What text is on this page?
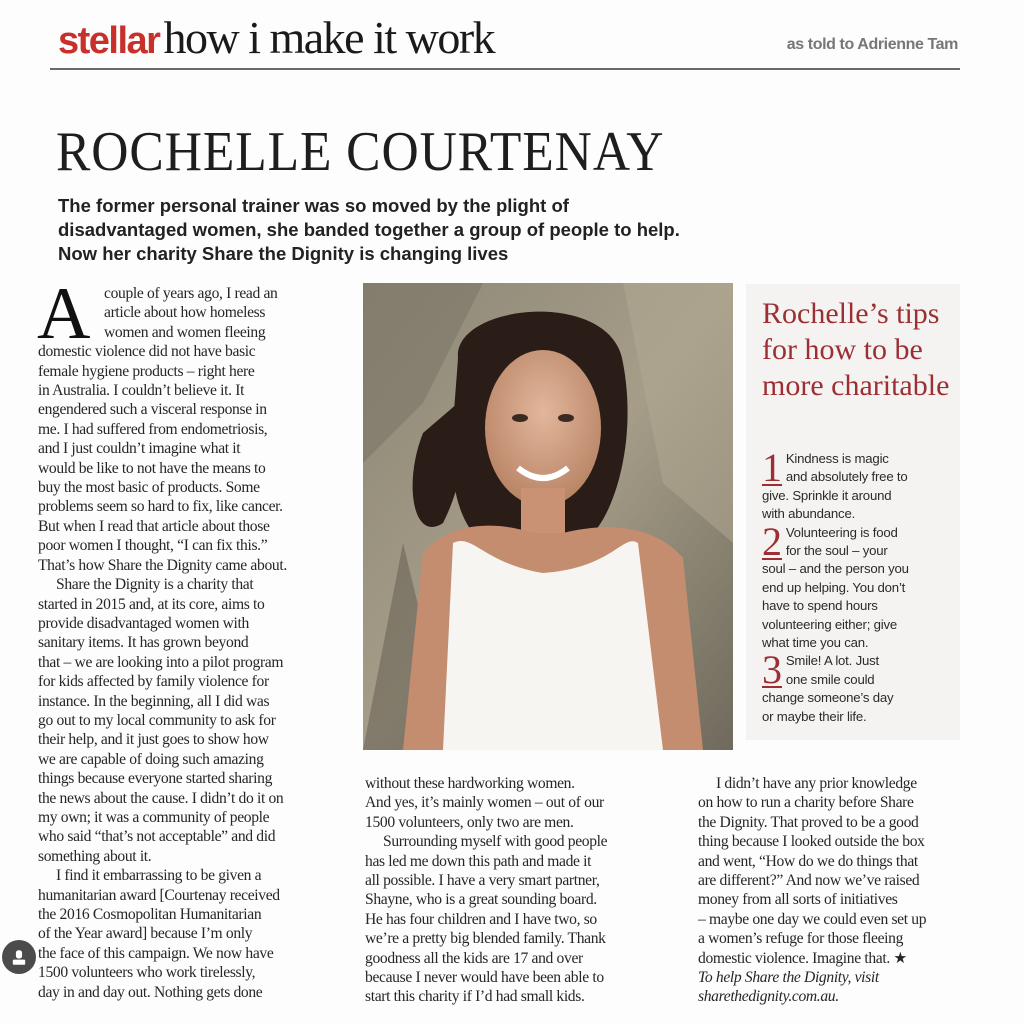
stellarhow i make it work	as told to Adrienne Tam
ROCHELLE COURTENAY
The former personal trainer was so moved by the plight of disadvantaged women, she banded together a group of people to help. Now her charity Share the Dignity is changing lives
A couple of years ago, I read an
article about how homeless
women and women fleeing
domestic violence did not have basic
female hygiene products – right here
in Australia. I couldn’t believe it. It
engendered such a visceral response in
me. I had suffered from endometriosis,
and I just couldn’t imagine what it
would be like to not have the means to
buy the most basic of products. Some
problems seem so hard to fix, like cancer.
But when I read that article about those
poor women I thought, “I can fix this.”
That’s how Share the Dignity came about.
Share the Dignity is a charity that
started in 2015 and, at its core, aims to
provide disadvantaged women with
sanitary items. It has grown beyond
that – we are looking into a pilot program
for kids affected by family violence for
instance. In the beginning, all I did was
go out to my local community to ask for
their help, and it just goes to show how
we are capable of doing such amazing
things because everyone started sharing
the news about the cause. I didn’t do it on
my own; it was a community of people
who said “that’s not acceptable” and did
something about it.
I find it embarrassing to be given a
humanitarian award [Courtenay received
the 2016 Cosmopolitan Humanitarian
of the Year award] because I’m only
the face of this campaign. We now have
1500 volunteers who work tirelessly,
day in and day out. Nothing gets done
without these hardworking women.
And yes, it’s mainly women – out of our
1500 volunteers, only two are men.
Surrounding myself with good people
has led me down this path and made it
all possible. I have a very smart partner,
Shayne, who is a great sounding board.
He has four children and I have two, so
we’re a pretty big blended family. Thank
goodness all the kids are 17 and over
because I never would have been able to
start this charity if I’d had small kids.
I didn’t have any prior knowledge
on how to run a charity before Share
the Dignity. That proved to be a good
thing because I looked outside the box
and went, “How do we do things that
are different?” And now we’ve raised
money from all sorts of initiatives
– maybe one day we could even set up
a women’s refuge for those fleeing
domestic violence. Imagine that. ★
To help Share the Dignity, visit
sharethedignity.com.au.
Rochelle’s tips for how to be more charitable
1 Kindness is magic
and absolutely free to
give. Sprinkle it around
with abundance.
2 Volunteering is food
for the soul – your
soul – and the person you
end up helping. You don’t
have to spend hours
volunteering either; give
what time you can.
3 Smile! A lot. Just
one smile could
change someone’s day
or maybe their life.
